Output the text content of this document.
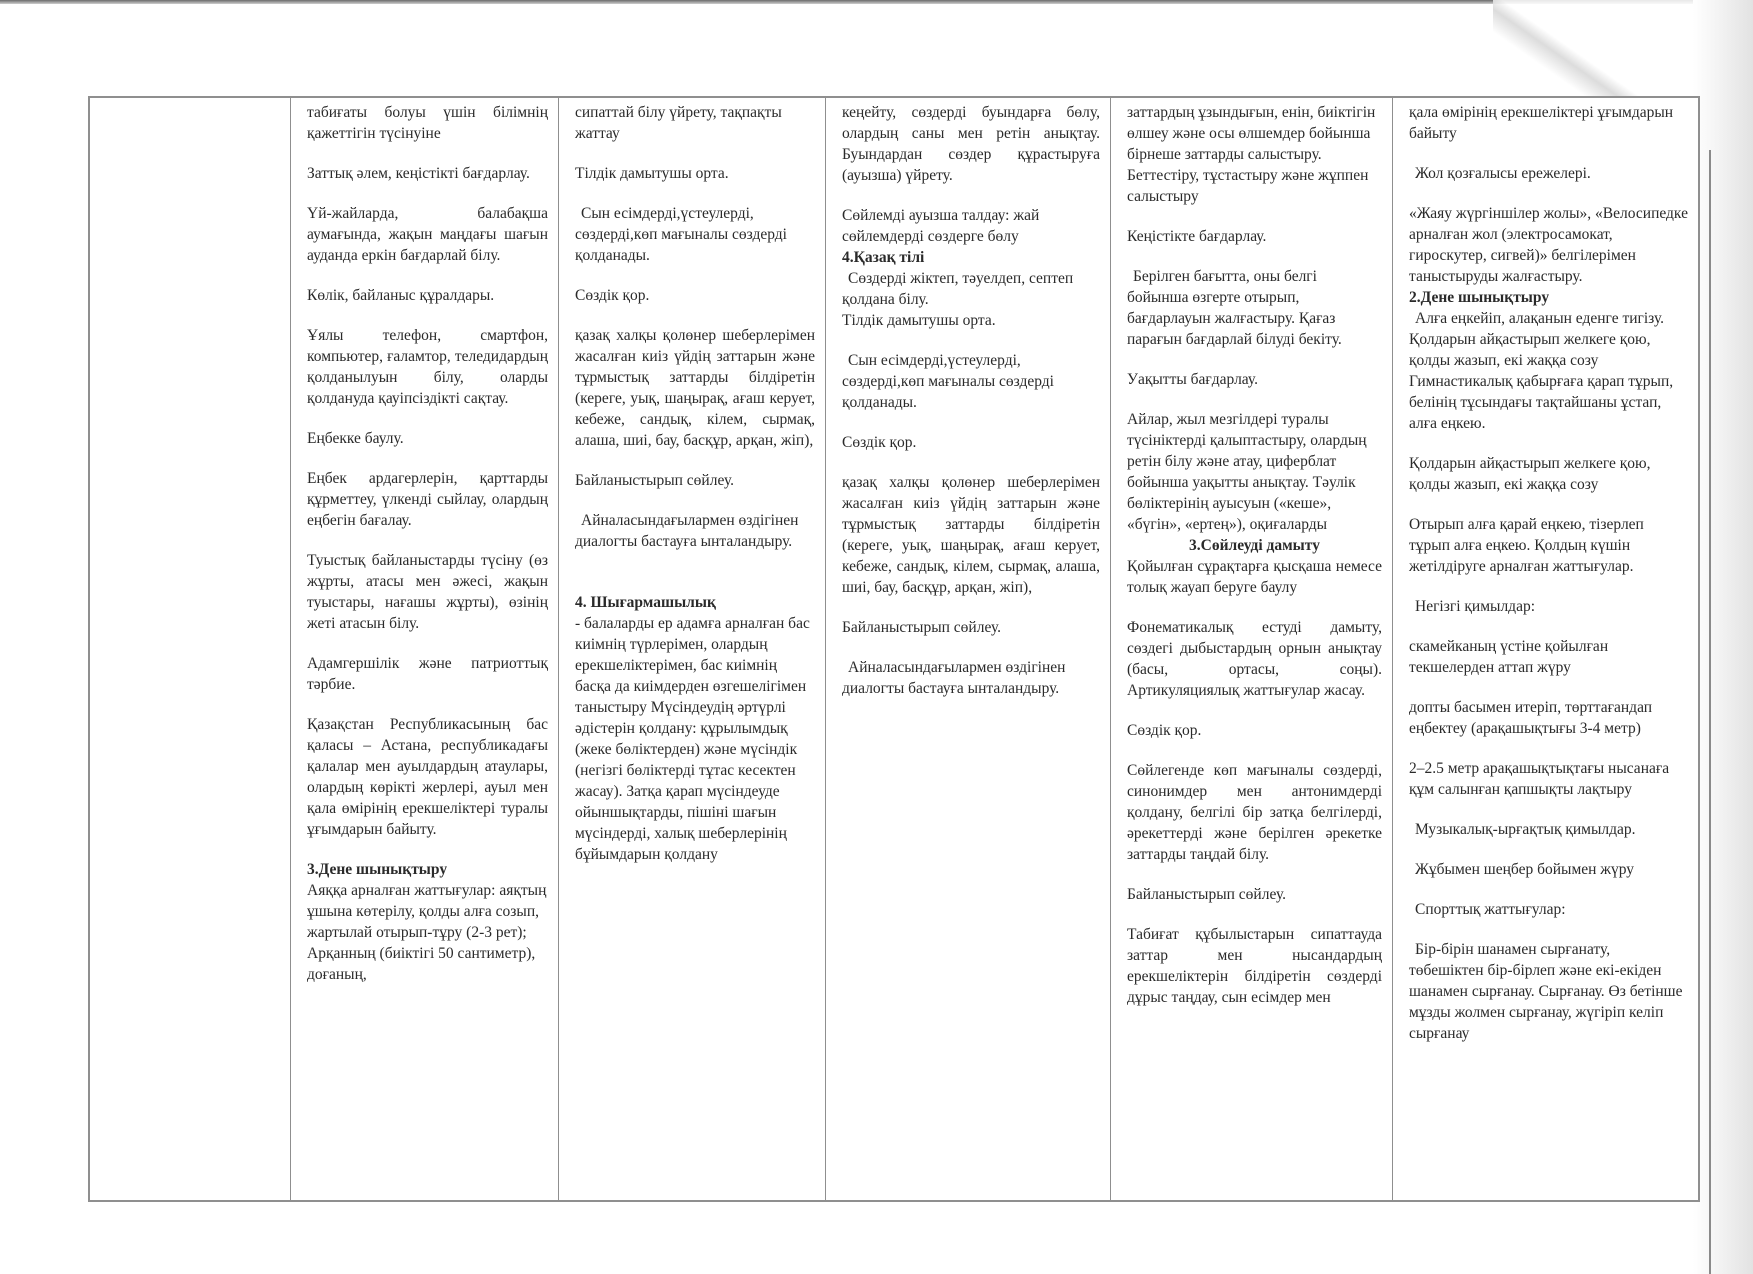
табиғаты болуы үшін білімнің қажеттігін түсінуіне

Заттық әлем, кеңістікті бағдарлау.

Үй-жайларда, балабақша аумағында, жақын маңдағы шағын ауданда еркін бағдарлай білу.

Көлік, байланыс құралдары.

Ұялы телефон, смартфон, компьютер, ғаламтор, теледидардың қолданылуын білу, оларды қолдануда қауіпсіздікті сақтау.

Еңбекке баулу.

Еңбек ардагерлерін, қарттарды құрметтеу, үлкенді сыйлау, олардың еңбегін бағалау.

Туыстық байланыстарды түсіну (өз жұрты, атасы мен әжесі, жақын туыстары, нағашы жұрты), өзінің жеті атасын білу.

Адамгершілік және патриоттық тәрбие.

Қазақстан Республикасының бас қаласы – Астана, республикадағы қалалар мен ауылдардың атаулары, олардың көрікті жерлері, ауыл мен қала өмірінің ерекшеліктері туралы ұғымдарын байыту.

3.Дене шынықтыру

Аяққа арналған жаттығулар: аяқтың ұшына көтерілу, қолды алға созып, жартылай отырып-тұру (2-3 рет); Арқанның (биіктігі 50 сантиметр), доғаның,

сипаттай білу үйрету, тақпақты жаттау

Тілдік дамытушы орта.

Сын есімдерді,үстеулерді, сөздерді,көп мағыналы сөздерді қолданады.

Сөздік қор.

қазақ халқы қолөнер шеберлерімен жасалған киіз үйдің заттарын және тұрмыстық заттарды білдіретін (кереге, уық, шаңырақ, ағаш керует, кебеже, сандық, кілем, сырмақ, алаша, шиі, бау, басқұр, арқан, жіп),

Байланыстырып сөйлеу.

Айналасындағылармен өздігінен диалогты бастауға ынталандыру.

4. Шығармашылық

- балаларды ер адамға арналған бас киімнің түрлерімен, олардың ерекшеліктерімен, бас киімнің басқа да киімдерден өзгешелігімен таныстыру Мүсіндеудің әртүрлі әдістерін қолдану: құрылымдық (жеке бөліктерден) және мүсіндік (негізгі бөліктерді тұтас кесектен жасау). Затқа қарап мүсіндеуде ойыншықтарды, пішіні шағын мүсіндерді, халық шеберлерінің бұйымдарын қолдану

кеңейту, сөздерді буындарға бөлу, олардың саны мен ретін анықтау. Буындардан сөздер құрастыруға (ауызша) үйрету.

Сөйлемді ауызша талдау: жай сөйлемдерді сөздерге бөлу

4.Қазақ тілі

Сөздерді жіктеп, тәуелдеп, септеп қолдана білу.

Тілдік дамытушы орта.

Сын есімдерді,үстеулерді, сөздерді,көп мағыналы сөздерді қолданады.

Сөздік қор.

қазақ халқы қолөнер шеберлерімен жасалған киіз үйдің заттарын және тұрмыстық заттарды білдіретін (кереге, уық, шаңырақ, ағаш керует, кебеже, сандық, кілем, сырмақ, алаша, шиі, бау, басқұр, арқан, жіп),

Байланыстырып сөйлеу.

Айналасындағылармен өздігінен диалогты бастауға ынталандыру.

заттардың ұзындығын, енін, биіктігін өлшеу және осы өлшемдер бойынша бірнеше заттарды салыстыру. Беттестіру, тұстастыру және жұппен салыстыру

Кеңістікте бағдарлау.

Берілген бағытта, оны белгі бойынша өзгерте отырып, бағдарлауын жалғастыру. Қағаз парағын бағдарлай білуді бекіту.

Уақытты бағдарлау.

Айлар, жыл мезгілдері туралы түсініктерді қалыптастыру, олардың ретін білу және атау, циферблат бойынша уақытты анықтау. Тәулік бөліктерінің ауысуын («кеше», «бүгін», «ертең»), оқиғаларды

3.Сөйлеуді дамыту

Қойылған сұрақтарға қысқаша немесе толық жауап беруге баулу

Фонематикалық естуді дамыту, сөздегі дыбыстардың орнын анықтау (басы, ортасы, соңы). Артикуляциялық жаттығулар жасау.

Сөздік қор.

Сөйлегенде көп мағыналы сөздерді, синонимдер мен антонимдерді қолдану, белгілі бір затқа белгілерді, әрекеттерді және берілген әрекетке заттарды таңдай білу.

Байланыстырып сөйлеу.

Табиғат құбылыстарын сипаттауда заттар мен нысандардың ерекшеліктерін білдіретін сөздерді дұрыс таңдау, сын есімдер мен

қала өмірінің ерекшеліктері ұғымдарын байыту

Жол қозғалысы ережелері.

«Жаяу жүргіншілер жолы», «Велосипедке арналған жол (электросамокат, гироскутер, сигвей)» белгілерімен таныстыруды жалғастыру.

2.Дене шынықтыру

Алға еңкейіп, алақанын еденге тигізу. Қолдарын айқастырып желкеге қою, қолды жазып, екі жаққа созу Гимнастикалық қабырғаға қарап тұрып, белінің тұсындағы тақтайшаны ұстап, алға еңкею.

Қолдарын айқастырып желкеге қою, қолды жазып, екі жаққа созу

Отырып алға қарай еңкею, тізерлеп тұрып алға еңкею. Қолдың күшін жетілдіруге арналған жаттығулар.

Негізгі қимылдар:

скамейканың үстіне қойылған текшелерден аттап жүру

допты басымен итеріп, төрттағандап еңбектеу (арақашықтығы 3-4 метр)

2–2.5 метр арақашықтықтағы нысанаға құм салынған қапшықты лақтыру

Музыкалық-ырғақтық қимылдар.

Жұбымен шеңбер бойымен жүру

Спорттық жаттығулар:

Бір-бірін шанамен сырғанату, төбешіктен бір-бірлеп және екі-екіден шанамен сырғанау. Сырғанау. Өз бетінше мұзды жолмен сырғанау, жүгіріп келіп сырғанау
